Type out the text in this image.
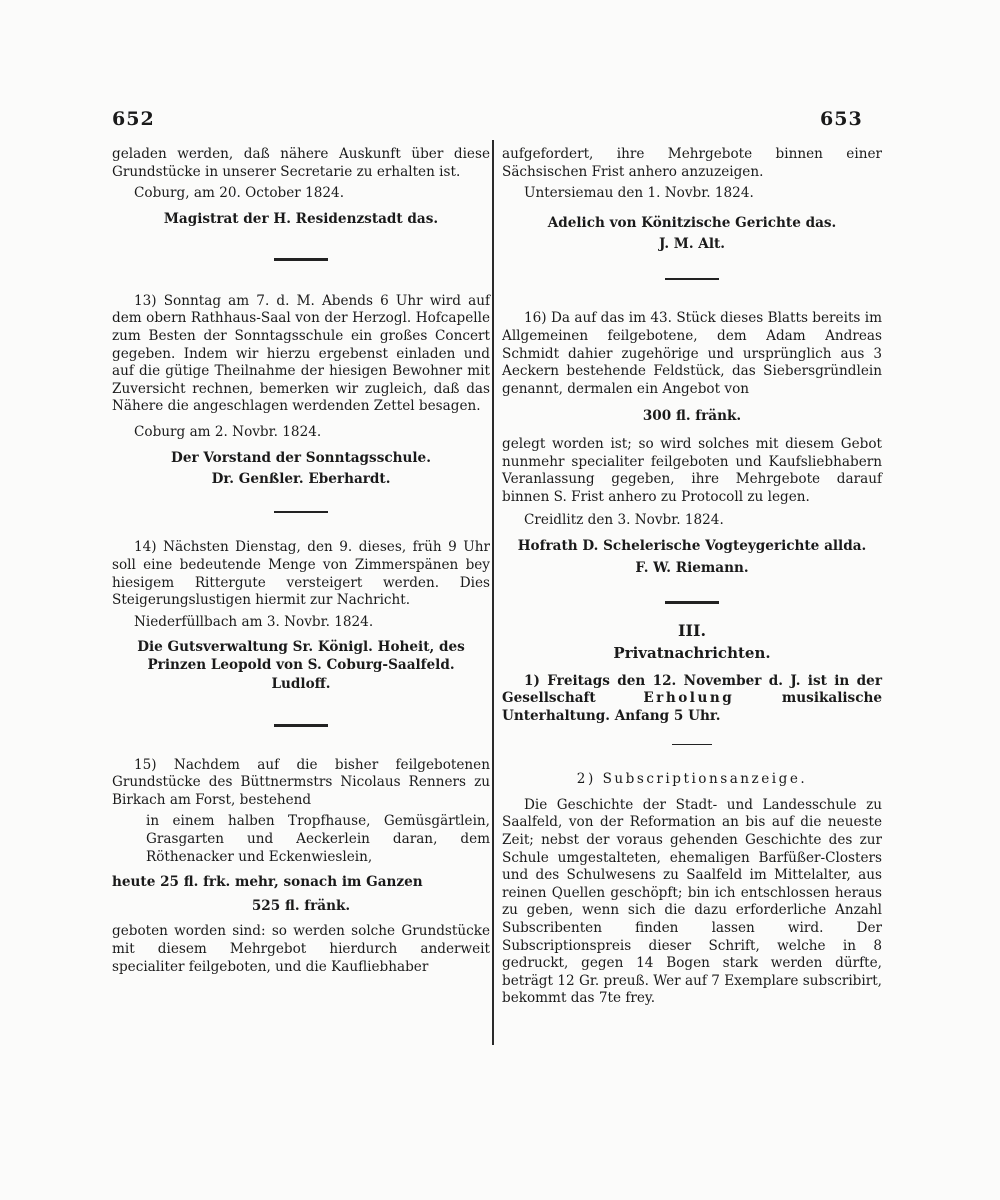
652	653

geladen werden, daß nähere Auskunft über diese Grundstücke in unserer Secretarie zu erhalten ist.

Coburg, am 20. October 1824.

Magistrat der H. Residenzstadt das.

13) Sonntag am 7. d. M. Abends 6 Uhr wird auf dem obern Rathhaus-Saal von der Herzogl. Hofcapelle zum Besten der Sonntagsschule ein großes Concert gegeben. Indem wir hierzu ergebenst einladen und auf die gütige Theilnahme der hiesigen Bewohner mit Zuversicht rechnen, bemerken wir zugleich, daß das Nähere die angeschlagen werdenden Zettel besagen.

Coburg am 2. Novbr. 1824.

Der Vorstand der Sonntagsschule.

Dr. Genßler. Eberhardt.

14) Nächsten Dienstag, den 9. dieses, früh 9 Uhr soll eine bedeutende Menge von Zimmerspänen bey hiesigem Rittergute versteigert werden. Dies Steigerungslustigen hiermit zur Nachricht.

Niederfüllbach am 3. Novbr. 1824.

Die Gutsverwaltung Sr. Königl. Hoheit, des Prinzen Leopold von S. Coburg-Saalfeld.

Ludloff.

15) Nachdem auf die bisher feilgebotenen Grundstücke des Büttnermstrs Nicolaus Renners zu Birkach am Forst, bestehend

in einem halben Tropfhause, Gemüsgärtlein, Grasgarten und Aeckerlein daran, dem Röthenacker und Eckenwieslein,

heute 25 fl. frk. mehr, sonach im Ganzen

525 fl. fränk.

geboten worden sind: so werden solche Grundstücke mit diesem Mehrgebot hierdurch anderweit specialiter feilgeboten, und die Kaufliebhaber

aufgefordert, ihre Mehrgebote binnen einer Sächsischen Frist anhero anzuzeigen.

Untersiemau den 1. Novbr. 1824.

Adelich von Könitzische Gerichte das.

J. M. Alt.

16) Da auf das im 43. Stück dieses Blatts bereits im Allgemeinen feilgebotene, dem Adam Andreas Schmidt dahier zugehörige und ursprünglich aus 3 Aeckern bestehende Feldstück, das Siebersgründlein genannt, dermalen ein Angebot von

300 fl. fränk.

gelegt worden ist; so wird solches mit diesem Gebot nunmehr specialiter feilgeboten und Kaufsliebhabern Veranlassung gegeben, ihre Mehrgebote darauf binnen S. Frist anhero zu Protocoll zu legen.

Creidlitz den 3. Novbr. 1824.

Hofrath D. Schelerische Vogteygerichte allda.

F. W. Riemann.

III.

Privatnachrichten.

1) Freitags den 12. November d. J. ist in der Gesellschaft Erholung musikalische Unterhaltung. Anfang 5 Uhr.

2) Subscriptionsanzeige.

Die Geschichte der Stadt- und Landesschule zu Saalfeld, von der Reformation an bis auf die neueste Zeit; nebst der voraus gehenden Geschichte des zur Schule umgestalteten, ehemaligen Barfüßer-Closters und des Schulwesens zu Saalfeld im Mittelalter, aus reinen Quellen geschöpft; bin ich entschlossen heraus zu geben, wenn sich die dazu erforderliche Anzahl Subscribenten finden lassen wird. Der Subscriptionspreis dieser Schrift, welche in 8 gedruckt, gegen 14 Bogen stark werden dürfte, beträgt 12 Gr. preuß. Wer auf 7 Exemplare subscribirt, bekommt das 7te frey.
